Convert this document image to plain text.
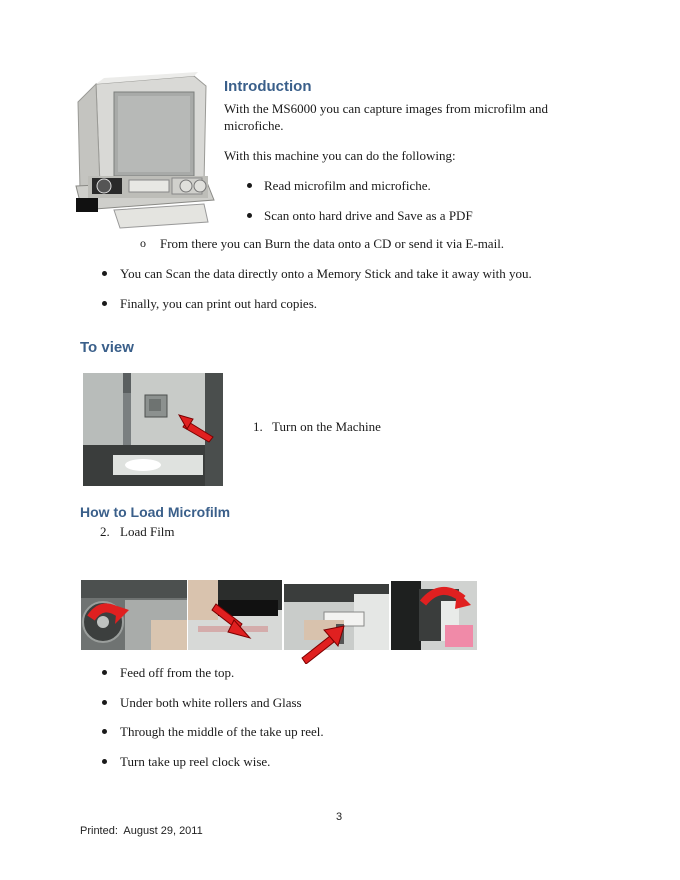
Introduction
With the MS6000 you can capture images from microfilm and microfiche.
With this machine you can do the following:
Read microfilm and microfiche.
Scan onto hard drive and Save as a PDF
o From there you can Burn the data onto a CD or send it via E-mail.
You can Scan the data directly onto a Memory Stick and take it away with you.
Finally, you can print out hard copies.
To view
1. Turn on the Machine
How to Load Microfilm
2. Load Film
Feed off from the top.
Under both white rollers and Glass
Through the middle of the take up reel.
Turn take up reel clock wise.
3
Printed:  August 29, 2011
